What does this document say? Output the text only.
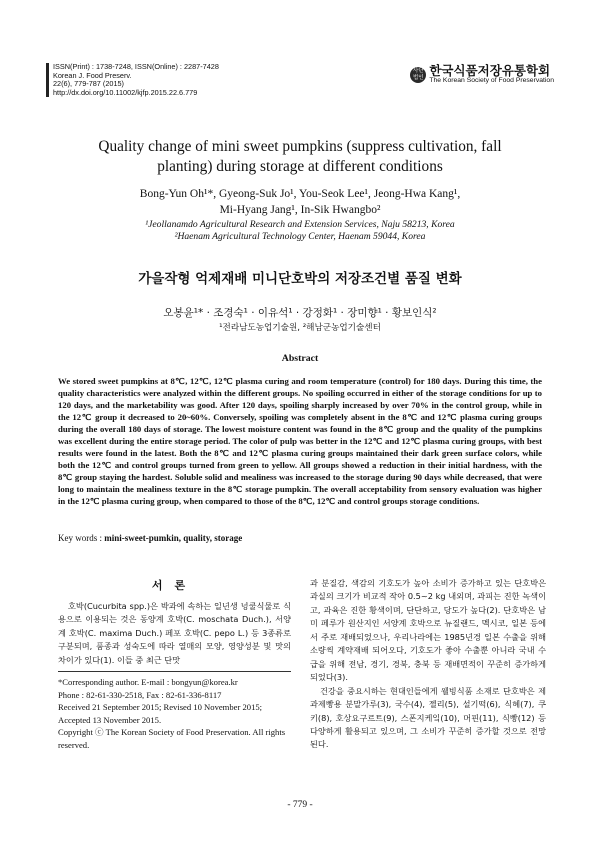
ISSN(Print) : 1738-7248, ISSN(Online) : 2287-7428
Korean J. Food Preserv.
22(6), 779-787 (2015)
http://dx.doi.org/10.11002/kjfp.2015.22.6.779
사단
법인 한국식품저장유통학회
The Korean Society of Food Preservation
Quality change of mini sweet pumpkins (suppress cultivation, fall
planting) during storage at different conditions
Bong-Yun Oh¹*, Gyeong-Suk Jo¹, You-Seok Lee¹, Jeong-Hwa Kang¹,
Mi-Hyang Jang¹, In-Sik Hwangbo²
¹Jeollanamdo Agricultural Research and Extension Services, Naju 58213, Korea
²Haenam Agricultural Technology Center, Haenam 59044, Korea
가을작형 억제재배 미니단호박의 저장조건별 품질 변화
오봉윤¹* · 조경숙¹ · 이유석¹ · 강정화¹ · 장미향¹ · 황보인식²
¹전라남도농업기술원, ²해남군농업기술센터
Abstract
We stored sweet pumpkins at 8℃, 12℃, 12℃ plasma curing and room temperature (control) for 180 days. During this time, the quality characteristics were analyzed within the different groups. No spoiling occurred in either of the storage conditions for up to 120 days, and the marketability was good. After 120 days, spoiling sharply increased by over 70% in the control group, while in the 12℃ group it decreased to 20~60%. Conversely, spoiling was completely absent in the 8℃ and 12℃ plasma curing groups during the overall 180 days of storage. The lowest moisture content was found in the 8℃ group and the quality of the pumpkins was excellent during the entire storage period. The color of pulp was better in the 12℃ and 12℃ plasma curing groups, with best results were found in the latest. Both the 8℃ and 12℃ plasma curing groups maintained their dark green surface colors, while both the 12℃ and control groups turned from green to yellow. All groups showed a reduction in their initial hardness, with the 8℃ group staying the hardest. Soluble solid and mealiness was increased to the storage during 90 days while decreased, that were long to maintain the mealiness texture in the 8℃ storage pumpkin. The overall acceptability from sensory evaluation was higher in the 12℃ plasma curing group, when compared to those of the 8℃, 12℃ and control groups storage conditions.
Key words : mini-sweet-pumkin, quality, storage
서론

호박(Cucurbita spp.)은 박과에 속하는 일년생 넝쿨식물로 식용으로 이용되는 것은 동양계 호박(C. moschata Duch.), 서양계 호박(C. maxima Duch.) 페포 호박(C. pepo L.) 등 3종류로 구분되며, 품종과 성숙도에 따라 열매의 모양, 영양성분 및 맛의 차이가 있다(1). 이들 중 최근 단맛

*Corresponding author. E-mail : bongyun@korea.kr
Phone : 82-61-330-2518, Fax : 82-61-336-8117
Received 21 September 2015; Revised 10 November 2015;
Accepted 13 November 2015.
Copyright ⓒ The Korean Society of Food Preservation. All rights reserved.

과 분질감, 색감의 기호도가 높아 소비가 증가하고 있는 단호박은 과실의 크기가 비교적 작아 0.5~2 kg 내외며, 과피는 진한 녹색이고, 과육은 진한 황색이며, 단단하고, 당도가 높다(2). 단호박은 남미 페루가 원산지인 서양계 호박으로 뉴질랜드, 멕시코, 일본 등에서 주로 재배되었으나, 우리나라에는 1985년경 일본 수출을 위해 소량씩 계약재배 되어오다, 기호도가 좋아 수출뿐 아니라 국내 수급을 위해 전남, 경기, 경북, 충북 등 재배면적이 꾸준히 증가하게 되었다(3).

건강을 중요시하는 현대인들에게 웰빙식품 소재로 단호박은 제과제빵용 분말가루(3), 국수(4), 젤리(5), 설기떡(6), 식혜(7), 쿠키(8), 호상요구르트(9), 스폰지케잌(10), 머핀(11), 식빵(12) 등 다양하게 활용되고 있으며, 그 소비가 꾸준히 증가할 것으로 전망된다.

- 779 -
